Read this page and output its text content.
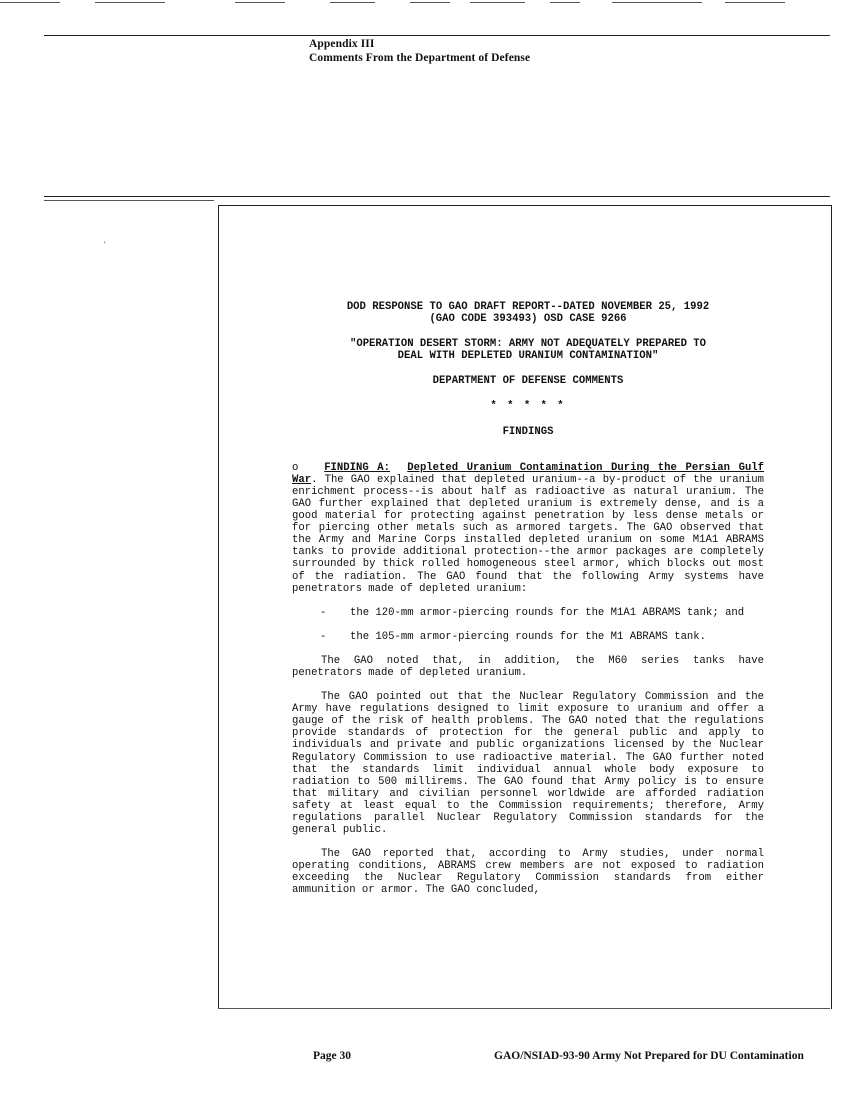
Appendix III
Comments From the Department of Defense
'
DOD RESPONSE TO GAO DRAFT REPORT--DATED NOVEMBER 25, 1992
(GAO CODE 393493) OSD CASE 9266
"OPERATION DESERT STORM: ARMY NOT ADEQUATELY PREPARED TO
DEAL WITH DEPLETED URANIUM CONTAMINATION"
DEPARTMENT OF DEFENSE COMMENTS
* * * * *
FINDINGS
o FINDING A: Depleted Uranium Contamination During the Persian Gulf War. The GAO explained that depleted uranium--a by-product of the uranium enrichment process--is about half as radioactive as natural uranium. The GAO further explained that depleted uranium is extremely dense, and is a good material for protecting against penetration by less dense metals or for piercing other metals such as armored targets. The GAO observed that the Army and Marine Corps installed depleted uranium on some M1A1 ABRAMS tanks to provide additional protection--the armor packages are completely surrounded by thick rolled homogeneous steel armor, which blocks out most of the radiation. The GAO found that the following Army systems have penetrators made of depleted uranium:
- the 120-mm armor-piercing rounds for the M1A1 ABRAMS tank; and
- the 105-mm armor-piercing rounds for the M1 ABRAMS tank.
The GAO noted that, in addition, the M60 series tanks have penetrators made of depleted uranium.
The GAO pointed out that the Nuclear Regulatory Commission and the Army have regulations designed to limit exposure to uranium and offer a gauge of the risk of health problems. The GAO noted that the regulations provide standards of protection for the general public and apply to individuals and private and public organizations licensed by the Nuclear Regulatory Commission to use radioactive material. The GAO further noted that the standards limit individual annual whole body exposure to radiation to 500 millirems. The GAO found that Army policy is to ensure that military and civilian personnel worldwide are afforded radiation safety at least equal to the Commission requirements; therefore, Army regulations parallel Nuclear Regulatory Commission standards for the general public.
The GAO reported that, according to Army studies, under normal operating conditions, ABRAMS crew members are not exposed to radiation exceeding the Nuclear Regulatory Commission standards from either ammunition or armor. The GAO concluded,
Page 30	GAO/NSIAD-93-90 Army Not Prepared for DU Contamination
